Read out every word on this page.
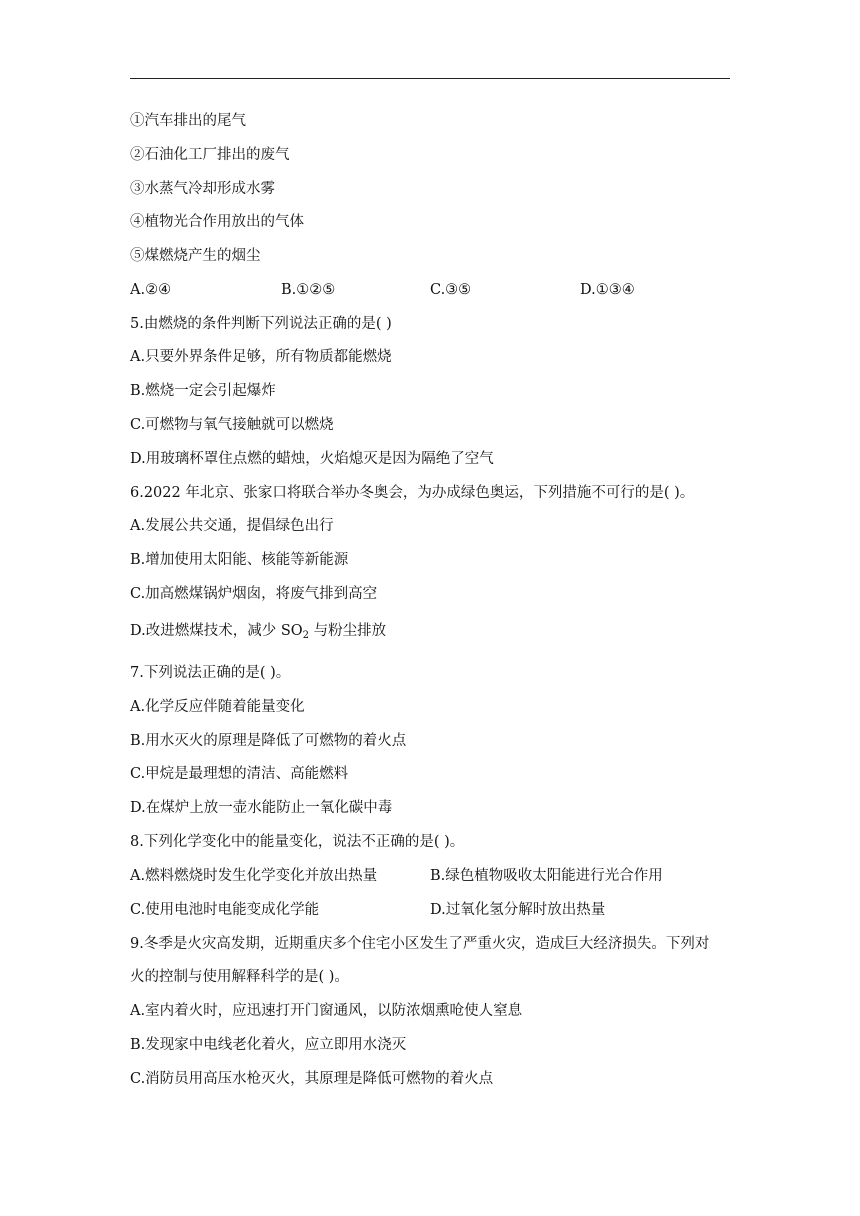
①汽车排出的尾气
②石油化工厂排出的废气
③水蒸气冷却形成水雾
④植物光合作用放出的气体
⑤煤燃烧产生的烟尘
A.②④	B.①②⑤	C.③⑤	D.①③④
5.由燃烧的条件判断下列说法正确的是( )
A.只要外界条件足够，所有物质都能燃烧
B.燃烧一定会引起爆炸
C.可燃物与氧气接触就可以燃烧
D.用玻璃杯罩住点燃的蜡烛，火焰熄灭是因为隔绝了空气
6.2022 年北京、张家口将联合举办冬奥会，为办成绿色奥运，下列措施不可行的是( )。
A.发展公共交通，提倡绿色出行
B.增加使用太阳能、核能等新能源
C.加高燃煤锅炉烟囱，将废气排到高空
D.改进燃煤技术，减少 $SO_2$ 与粉尘排放
7.下列说法正确的是( )。
A.化学反应伴随着能量变化
B.用水灭火的原理是降低了可燃物的着火点
C.甲烷是最理想的清洁、高能燃料
D.在煤炉上放一壶水能防止一氧化碳中毒
8.下列化学变化中的能量变化，说法不正确的是( )。
A.燃料燃烧时发生化学变化并放出热量	B.绿色植物吸收太阳能进行光合作用
C.使用电池时电能变成化学能	D.过氧化氢分解时放出热量
9.冬季是火灾高发期，近期重庆多个住宅小区发生了严重火灾，造成巨大经济损失。下列对
火的控制与使用解释科学的是( )。
A.室内着火时，应迅速打开门窗通风，以防浓烟熏呛使人窒息
B.发现家中电线老化着火，应立即用水浇灭
C.消防员用高压水枪灭火，其原理是降低可燃物的着火点
